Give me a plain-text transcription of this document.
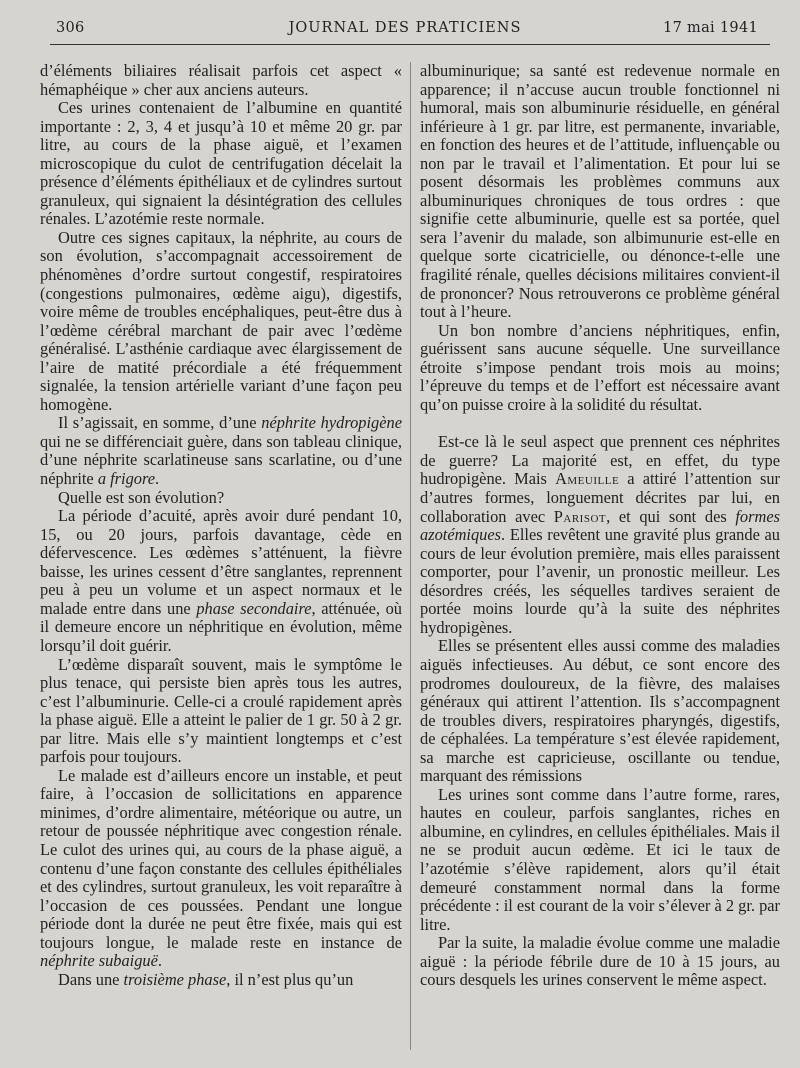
306	JOURNAL DES PRATICIENS	17 mai 1941

d’éléments biliaires réalisait parfois cet aspect « hémaphéique » cher aux anciens auteurs.

Ces urines contenaient de l’albumine en quantité importante : 2, 3, 4 et jusqu’à 10 et même 20 gr. par litre, au cours de la phase aiguë, et l’examen microscopique du culot de centrifugation décelait la présence d’éléments épithéliaux et de cylindres surtout granuleux, qui signaient la désintégration des cellules rénales. L’azotémie reste normale.

Outre ces signes capitaux, la néphrite, au cours de son évolution, s’accompagnait accessoirement de phénomènes d’ordre surtout congestif, respiratoires (congestions pulmonaires, œdème aigu), digestifs, voire même de troubles encéphaliques, peut-être dus à l’œdème cérébral marchant de pair avec l’œdème généralisé. L’asthénie cardiaque avec élargissement de l’aire de matité précordiale a été fréquemment signalée, la tension artérielle variant d’une façon peu homogène.

Il s’agissait, en somme, d’une néphrite hydropigène qui ne se différenciait guère, dans son tableau clinique, d’une néphrite scarlatineuse sans scarlatine, ou d’une néphrite a frigore.

Quelle est son évolution?

La période d’acuité, après avoir duré pendant 10, 15, ou 20 jours, parfois davantage, cède en défervescence. Les œdèmes s’atténuent, la fièvre baisse, les urines cessent d’être sanglantes, reprennent peu à peu un volume et un aspect normaux et le malade entre dans une phase secondaire, atténuée, où il demeure encore un néphritique en évolution, même lorsqu’il doit guérir.

L’œdème disparaît souvent, mais le symptôme le plus tenace, qui persiste bien après tous les autres, c’est l’albuminurie. Celle-ci a croulé rapidement après la phase aiguë. Elle a atteint le palier de 1 gr. 50 à 2 gr. par litre. Mais elle s’y maintient longtemps et c’est parfois pour toujours.

Le malade est d’ailleurs encore un instable, et peut faire, à l’occasion de sollicitations en apparence minimes, d’ordre alimentaire, météorique ou autre, un retour de poussée néphritique avec congestion rénale. Le culot des urines qui, au cours de la phase aiguë, a contenu d’une façon constante des cellules épithéliales et des cylindres, surtout granuleux, les voit reparaître à l’occasion de ces poussées. Pendant une longue période dont la durée ne peut être fixée, mais qui est toujours longue, le malade reste en instance de néphrite subaiguë.

Dans une troisième phase, il n’est plus qu’un

albuminurique; sa santé est redevenue normale en apparence; il n’accuse aucun trouble fonctionnel ni humoral, mais son albuminurie résiduelle, en général inférieure à 1 gr. par litre, est permanente, invariable, en fonction des heures et de l’attitude, influençable ou non par le travail et l’alimentation. Et pour lui se posent désormais les problèmes communs aux albuminuriques chroniques de tous ordres : que signifie cette albuminurie, quelle est sa portée, quel sera l’avenir du malade, son albimunurie est-elle en quelque sorte cicatricielle, ou dénonce-t-elle une fragilité rénale, quelles décisions militaires convient-il de prononcer? Nous retrouverons ce problème général tout à l’heure.

Un bon nombre d’anciens néphritiques, enfin, guérissent sans aucune séquelle. Une surveillance étroite s’impose pendant trois mois au moins; l’épreuve du temps et de l’effort est nécessaire avant qu’on puisse croire à la solidité du résultat.

Est-ce là le seul aspect que prennent ces néphrites de guerre? La majorité est, en effet, du type hudropigène. Mais Ameuille a attiré l’attention sur d’autres formes, longuement décrites par lui, en collaboration avec Parisot, et qui sont des formes azotémiques. Elles revêtent une gravité plus grande au cours de leur évolution première, mais elles paraissent comporter, pour l’avenir, un pronostic meilleur. Les désordres créés, les séquelles tardives seraient de portée moins lourde qu’à la suite des néphrites hydropigènes.

Elles se présentent elles aussi comme des maladies aiguës infectieuses. Au début, ce sont encore des prodromes douloureux, de la fièvre, des malaises généraux qui attirent l’attention. Ils s’accompagnent de troubles divers, respiratoires pharyngés, digestifs, de céphalées. La température s’est élevée rapidement, sa marche est capricieuse, oscillante ou tendue, marquant des rémissions

Les urines sont comme dans l’autre forme, rares, hautes en couleur, parfois sanglantes, riches en albumine, en cylindres, en cellules épithéliales. Mais il ne se produit aucun œdème. Et ici le taux de l’azotémie s’élève rapidement, alors qu’il était demeuré constamment normal dans la forme précédente : il est courant de la voir s’élever à 2 gr. par litre.

Par la suite, la maladie évolue comme une maladie aiguë : la période fébrile dure de 10 à 15 jours, au cours desquels les urines conservent le même aspect.
